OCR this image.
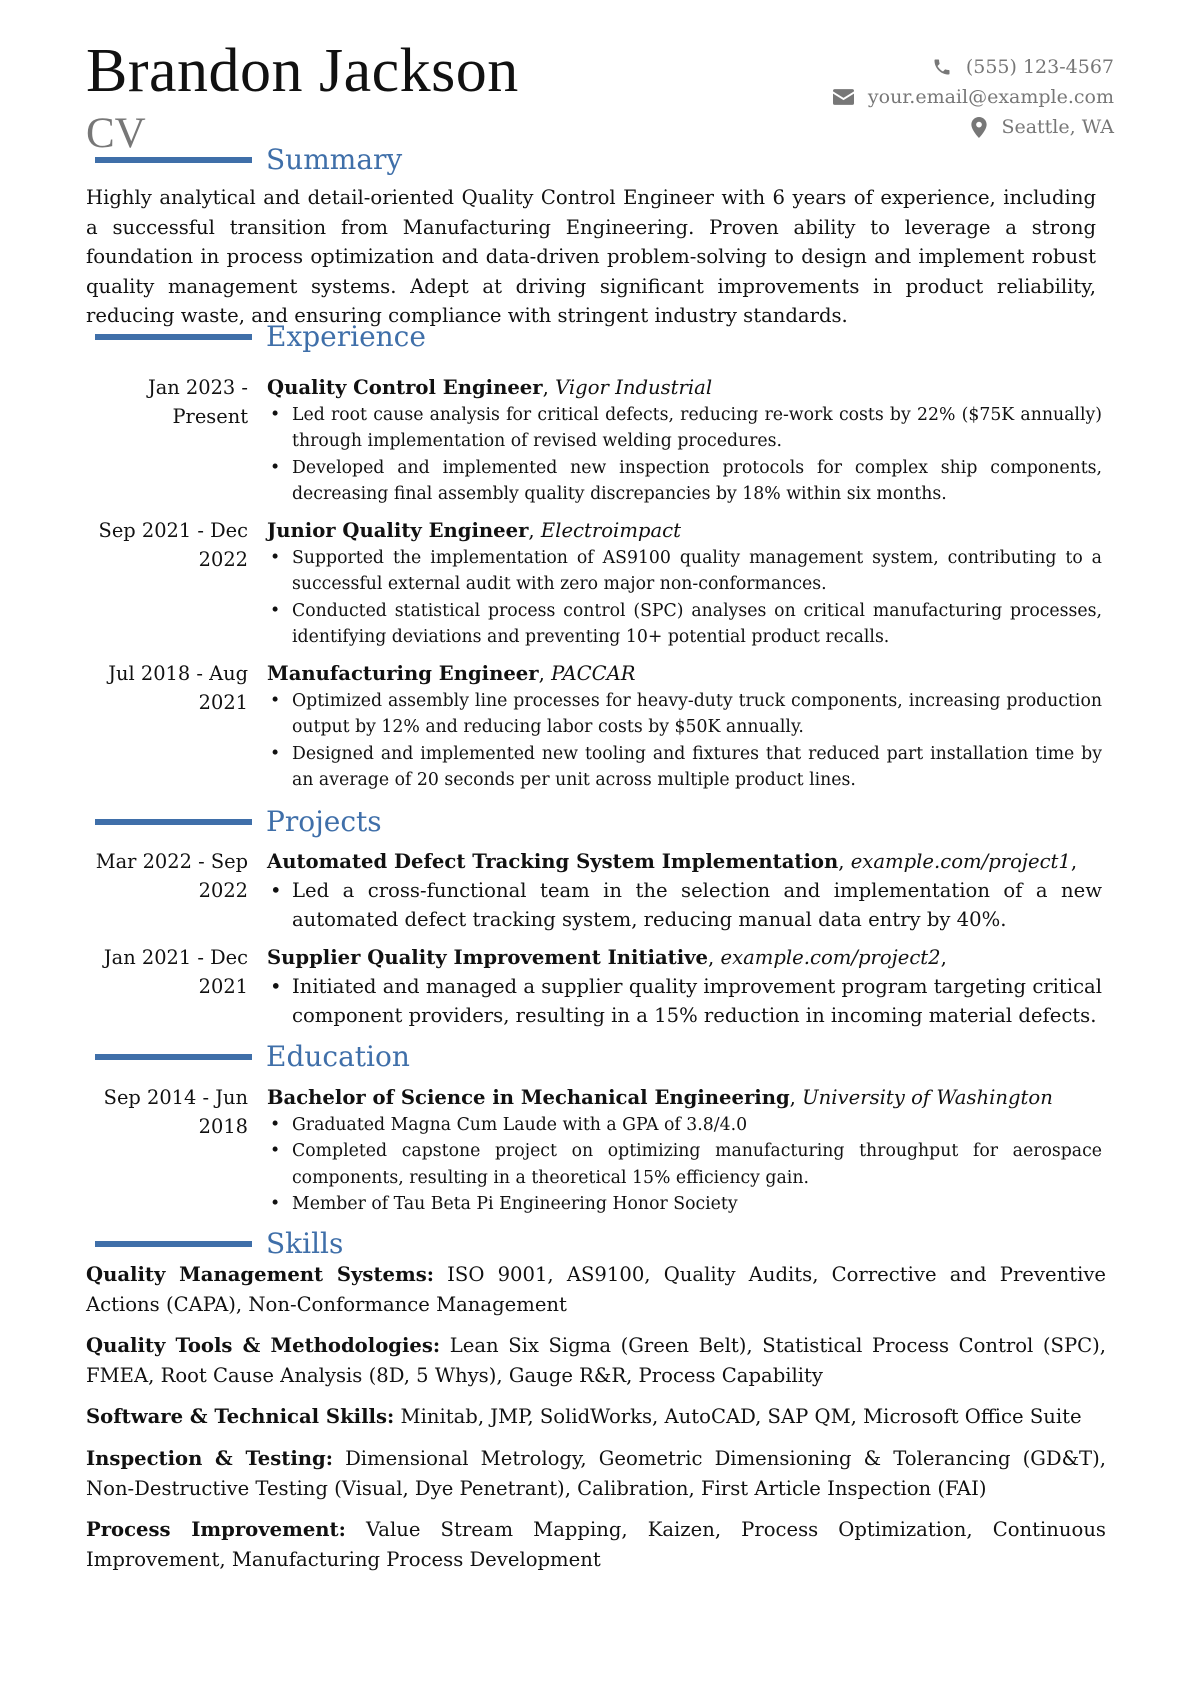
Brandon Jackson
CV
(555) 123-4567
your.email@example.com
Seattle, WA
Summary
Highly analytical and detail-oriented Quality Control Engineer with 6 years of experience, including a successful transition from Manufacturing Engineering. Proven ability to leverage a strong foundation in process optimization and data-driven problem-solving to design and implement robust quality management systems. Adept at driving significant improvements in product reliability, reducing waste, and ensuring compliance with stringent industry standards.
Experience
Jan 2023 - Present
Quality Control Engineer, Vigor Industrial
• Led root cause analysis for critical defects, reducing re-work costs by 22% ($75K annually) through implementation of revised welding procedures.
• Developed and implemented new inspection protocols for complex ship components, decreasing final assembly quality discrepancies by 18% within six months.
Sep 2021 - Dec 2022
Junior Quality Engineer, Electroimpact
• Supported the implementation of AS9100 quality management system, contributing to a successful external audit with zero major non-conformances.
• Conducted statistical process control (SPC) analyses on critical manufacturing processes, identifying deviations and preventing 10+ potential product recalls.
Jul 2018 - Aug 2021
Manufacturing Engineer, PACCAR
• Optimized assembly line processes for heavy-duty truck components, increasing production output by 12% and reducing labor costs by $50K annually.
• Designed and implemented new tooling and fixtures that reduced part installation time by an average of 20 seconds per unit across multiple product lines.
Projects
Mar 2022 - Sep 2022
Automated Defect Tracking System Implementation, example.com/project1,
• Led a cross-functional team in the selection and implementation of a new automated defect tracking system, reducing manual data entry by 40%.
Jan 2021 - Dec 2021
Supplier Quality Improvement Initiative, example.com/project2,
• Initiated and managed a supplier quality improvement program targeting critical component providers, resulting in a 15% reduction in incoming material defects.
Education
Sep 2014 - Jun 2018
Bachelor of Science in Mechanical Engineering, University of Washington
• Graduated Magna Cum Laude with a GPA of 3.8/4.0
• Completed capstone project on optimizing manufacturing throughput for aerospace components, resulting in a theoretical 15% efficiency gain.
• Member of Tau Beta Pi Engineering Honor Society
Skills
Quality Management Systems: ISO 9001, AS9100, Quality Audits, Corrective and Preventive Actions (CAPA), Non-Conformance Management
Quality Tools & Methodologies: Lean Six Sigma (Green Belt), Statistical Process Control (SPC), FMEA, Root Cause Analysis (8D, 5 Whys), Gauge R&R, Process Capability
Software & Technical Skills: Minitab, JMP, SolidWorks, AutoCAD, SAP QM, Microsoft Office Suite
Inspection & Testing: Dimensional Metrology, Geometric Dimensioning & Tolerancing (GD&T), Non-Destructive Testing (Visual, Dye Penetrant), Calibration, First Article Inspection (FAI)
Process Improvement: Value Stream Mapping, Kaizen, Process Optimization, Continuous Improvement, Manufacturing Process Development
